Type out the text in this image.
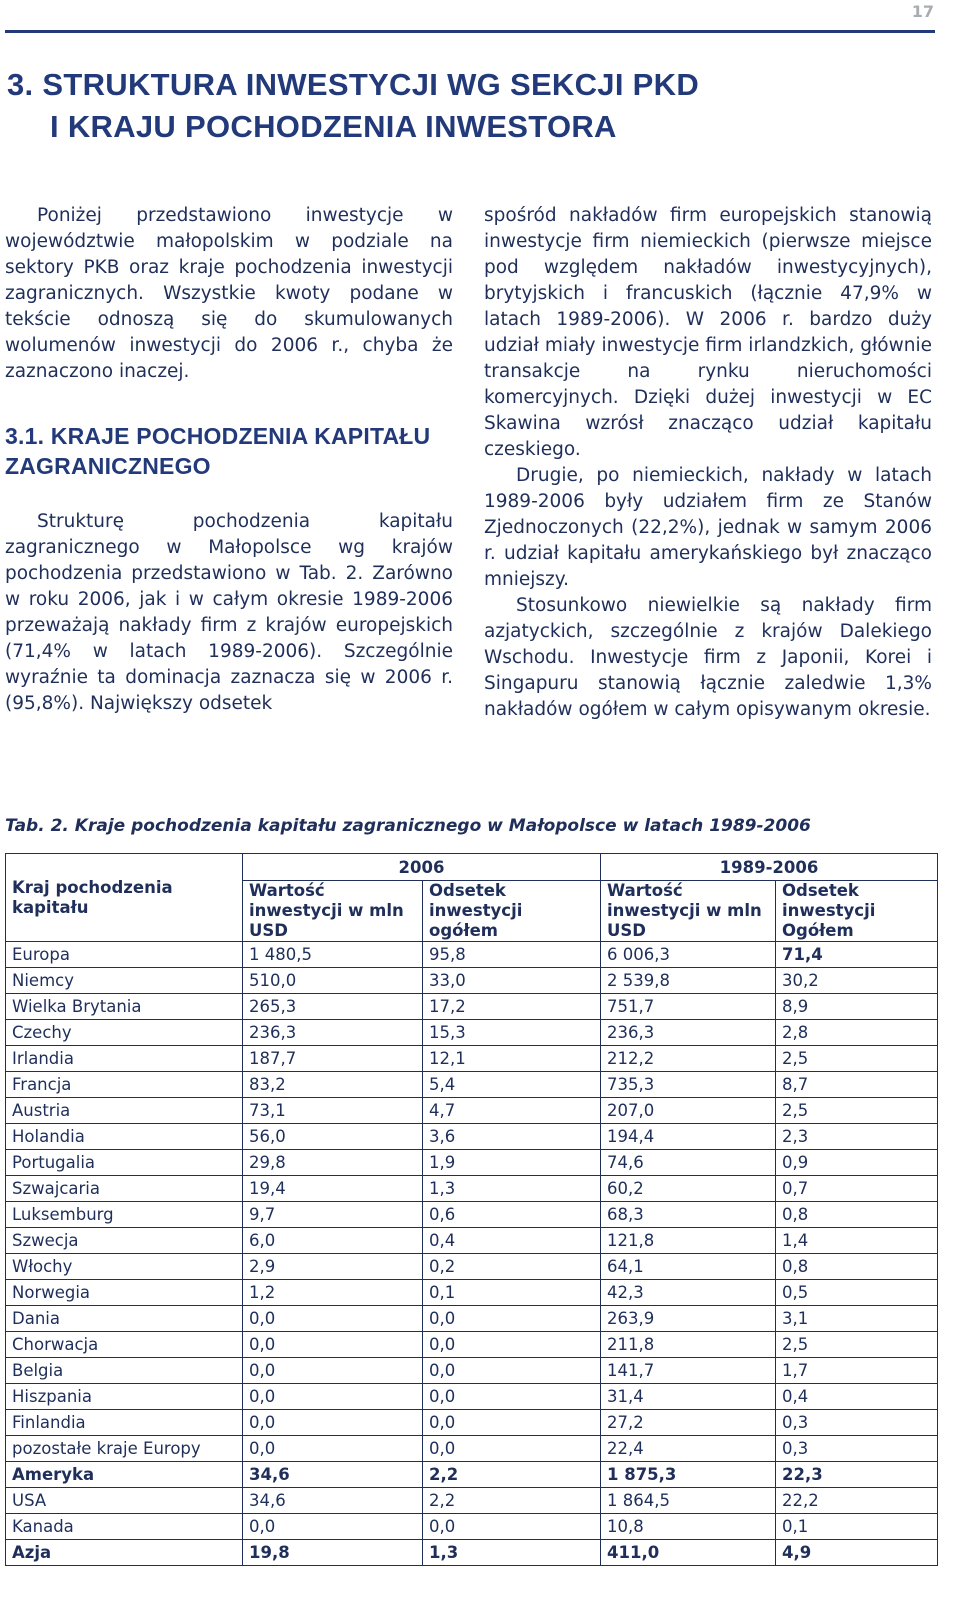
17
3. STRUKTURA INWESTYCJI WG SEKCJI PKD
I KRAJU POCHODZENIA INWESTORA

Poniżej przedstawiono inwestycje w województwie małopolskim w podziale na sektory PKB oraz kraje pochodzenia inwestycji zagranicznych. Wszystkie kwoty podane w tekście odnoszą się do skumulowanych wolumenów inwestycji do 2006 r., chyba że zaznaczono inaczej.

3.1. KRAJE POCHODZENIA KAPITAŁU ZAGRANICZNEGO

Strukturę pochodzenia kapitału zagranicznego w Małopolsce wg krajów pochodzenia przedstawiono w Tab. 2. Zarówno w roku 2006, jak i w całym okresie 1989-2006 przeważają nakłady firm z krajów europejskich (71,4% w latach 1989-2006). Szczególnie wyraźnie ta dominacja zaznacza się w 2006 r. (95,8%). Największy odsetek

spośród nakładów firm europejskich stanowią inwestycje firm niemieckich (pierwsze miejsce pod względem nakładów inwestycyjnych), brytyjskich i francuskich (łącznie 47,9% w latach 1989-2006). W 2006 r. bardzo duży udział miały inwestycje firm irlandzkich, głównie transakcje na rynku nieruchomości komercyjnych. Dzięki dużej inwestycji w EC Skawina wzrósł znacząco udział kapitału czeskiego.

Drugie, po niemieckich, nakłady w latach 1989-2006 były udziałem firm ze Stanów Zjednoczonych (22,2%), jednak w samym 2006 r. udział kapitału amerykańskiego był znacząco mniejszy.

Stosunkowo niewielkie są nakłady firm azjatyckich, szczególnie z krajów Dalekiego Wschodu. Inwestycje firm z Japonii, Korei i Singapuru stanowią łącznie zaledwie 1,3% nakładów ogółem w całym opisywanym okresie.

Tab. 2. Kraje pochodzenia kapitału zagranicznego w Małopolsce w latach 1989-2006
Kraj pochodzenia kapitału	2006		1989-2006	
	Wartość inwestycji w mln USD	Odsetek inwestycji ogółem	Wartość inwestycji w mln USD	Odsetek inwestycji Ogółem
Europa	1 480,5	95,8	6 006,3	71,4
Niemcy	510,0	33,0	2 539,8	30,2
Wielka Brytania	265,3	17,2	751,7	8,9
Czechy	236,3	15,3	236,3	2,8
Irlandia	187,7	12,1	212,2	2,5
Francja	83,2	5,4	735,3	8,7
Austria	73,1	4,7	207,0	2,5
Holandia	56,0	3,6	194,4	2,3
Portugalia	29,8	1,9	74,6	0,9
Szwajcaria	19,4	1,3	60,2	0,7
Luksemburg	9,7	0,6	68,3	0,8
Szwecja	6,0	0,4	121,8	1,4
Włochy	2,9	0,2	64,1	0,8
Norwegia	1,2	0,1	42,3	0,5
Dania	0,0	0,0	263,9	3,1
Chorwacja	0,0	0,0	211,8	2,5
Belgia	0,0	0,0	141,7	1,7
Hiszpania	0,0	0,0	31,4	0,4
Finlandia	0,0	0,0	27,2	0,3
pozostałe kraje Europy	0,0	0,0	22,4	0,3
Ameryka	34,6	2,2	1 875,3	22,3
USA	34,6	2,2	1 864,5	22,2
Kanada	0,0	0,0	10,8	0,1
Azja	19,8	1,3	411,0	4,9
